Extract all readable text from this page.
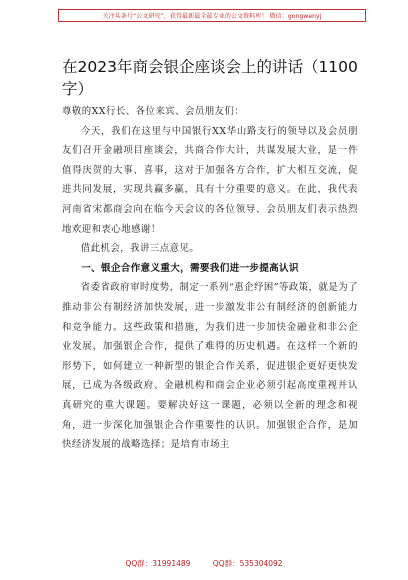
关注头条号“公文研究”，获得最新最全最专业的公文资料库！ 微信：gongwenyj
在2023年商会银企座谈会上的讲话（1100字）

尊敬的XX行长、各位来宾、会员朋友们：

今天，我们在这里与中国银行XX华山路支行的领导以及会员朋友们召开金融项目座谈会，共商合作大计，共谋发展大业，是一件值得庆贺的大事、喜事，这对于加强各方合作，扩大相互交流，促进共同发展，实现共赢多赢，具有十分重要的意义。在此，我代表河南省宋都商会向在临今天会议的各位领导、会员朋友们表示热烈地欢迎和衷心地感谢！

借此机会，我讲三点意见。

一、银企合作意义重大，需要我们进一步提高认识

省委省政府审时度势，制定一系列“惠企纾困”等政策，就是为了推动非公有制经济加快发展，进一步激发非公有制经济的创新能力和竞争能力。这些政策和措施，为我们进一步加快金融业和非公企业发展，加强银企合作，提供了难得的历史机遇。在这样一个新的形势下，如何建立一种新型的银企合作关系，促进银企更好更快发展，已成为各级政府、金融机构和商会企业必须引起高度重视并认真研究的重大课题。要解决好这一课题，必须以全新的理念和视角，进一步深化加强银企合作重要性的认识。加强银企合作，是加快经济发展的战略选择；是培育市场主

QQ群：31991489	QQ群：535304092
